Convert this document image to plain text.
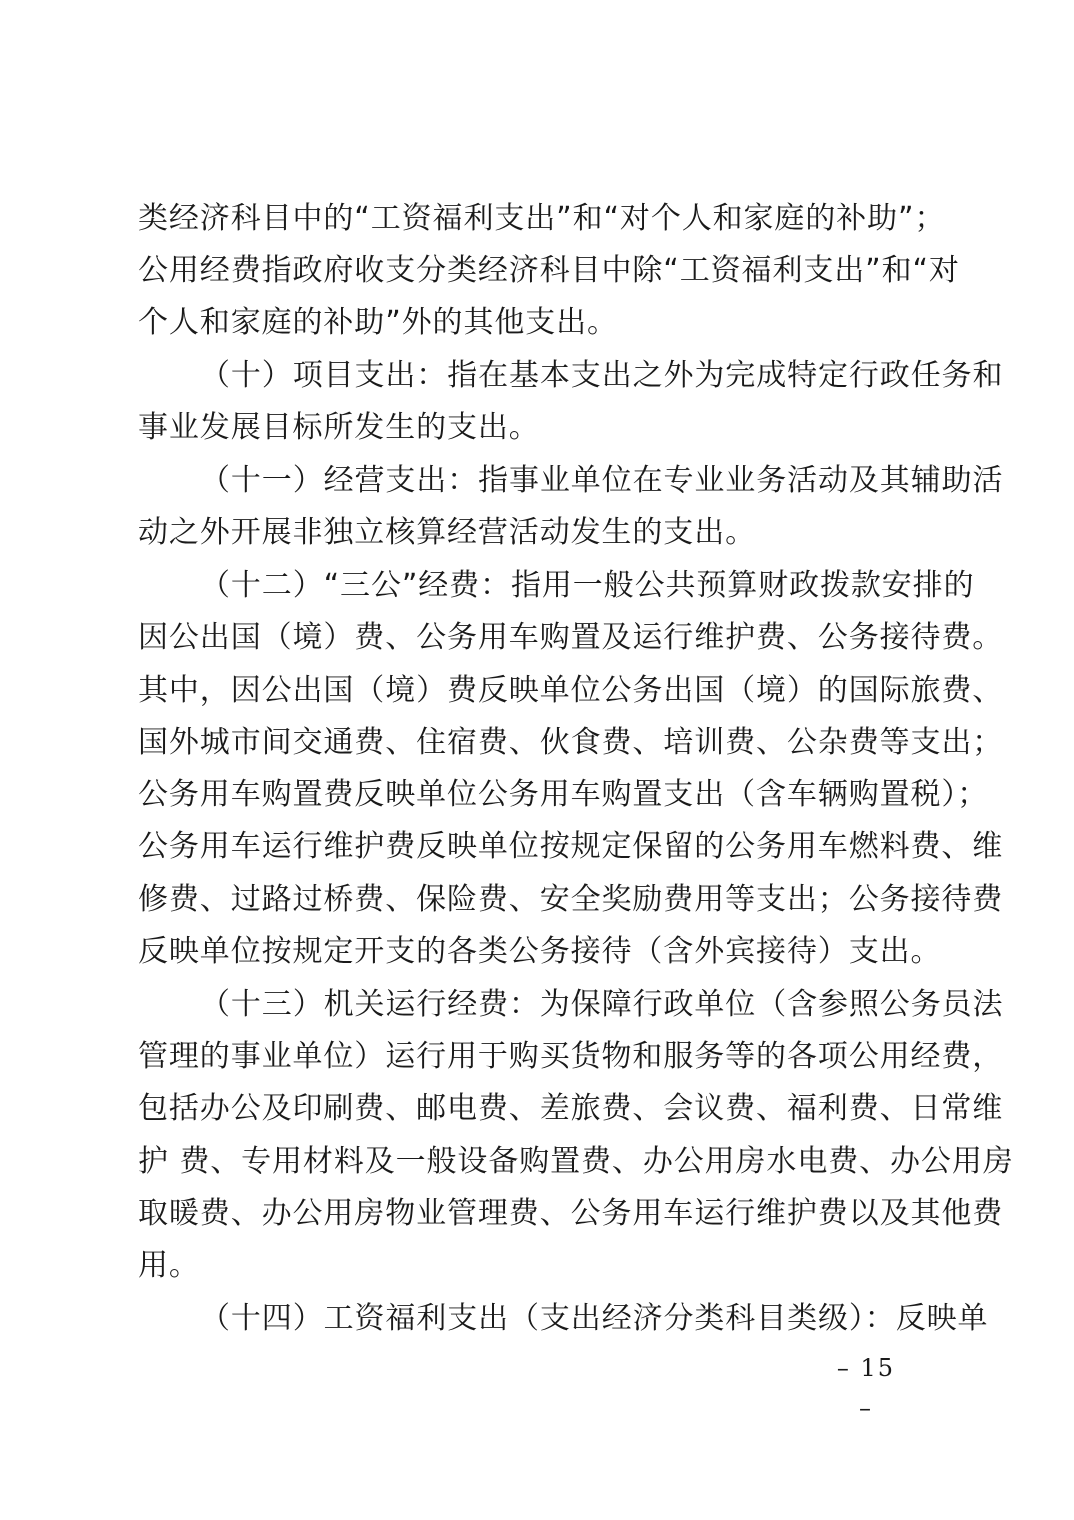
类经济科目中的“工资福利支出”和“对个人和家庭的补助”；
公用经费指政府收支分类经济科目中除“工资福利支出”和“对
个人和家庭的补助”外的其他支出。
（十）项目支出：指在基本支出之外为完成特定行政任务和
事业发展目标所发生的支出。
（十一）经营支出：指事业单位在专业业务活动及其辅助活
动之外开展非独立核算经营活动发生的支出。
（十二）“三公”经费：指用一般公共预算财政拨款安排的
因公出国（境）费、公务用车购置及运行维护费、公务接待费。
其中，因公出国（境）费反映单位公务出国（境）的国际旅费、
国外城市间交通费、住宿费、伙食费、培训费、公杂费等支出；
公务用车购置费反映单位公务用车购置支出（含车辆购置税）；
公务用车运行维护费反映单位按规定保留的公务用车燃料费、维
修费、过路过桥费、保险费、安全奖励费用等支出；公务接待费
反映单位按规定开支的各类公务接待（含外宾接待）支出。
（十三）机关运行经费：为保障行政单位（含参照公务员法
管理的事业单位）运行用于购买货物和服务等的各项公用经费，
包括办公及印刷费、邮电费、差旅费、会议费、福利费、日常维
护 费、专用材料及一般设备购置费、办公用房水电费、办公用房
取暖费、办公用房物业管理费、公务用车运行维护费以及其他费
用。
（十四）工资福利支出（支出经济分类科目类级）：反映单
– 15 –
